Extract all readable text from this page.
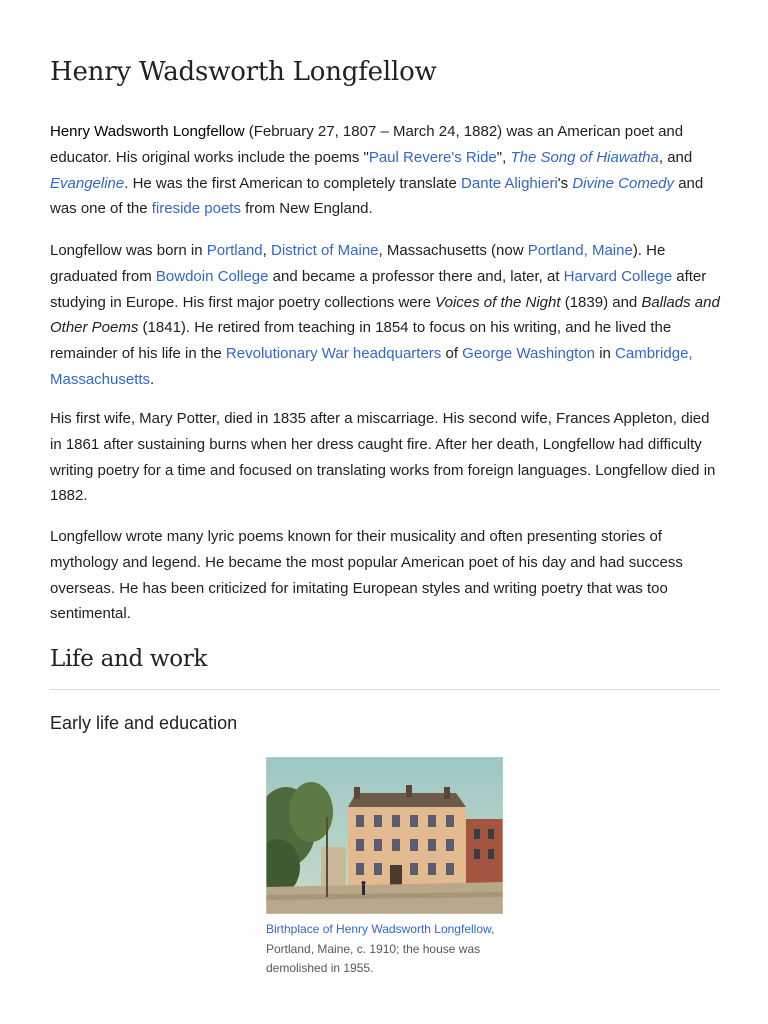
Henry Wadsworth Longfellow

Henry Wadsworth Longfellow (February 27, 1807 – March 24, 1882) was an American poet and educator. His original works include the poems "Paul Revere's Ride", The Song of Hiawatha, and Evangeline. He was the first American to completely translate Dante Alighieri's Divine Comedy and was one of the fireside poets from New England.

Longfellow was born in Portland, District of Maine, Massachusetts (now Portland, Maine). He graduated from Bowdoin College and became a professor there and, later, at Harvard College after studying in Europe. His first major poetry collections were Voices of the Night (1839) and Ballads and Other Poems (1841). He retired from teaching in 1854 to focus on his writing, and he lived the remainder of his life in the Revolutionary War headquarters of George Washington in Cambridge, Massachusetts.

His first wife, Mary Potter, died in 1835 after a miscarriage. His second wife, Frances Appleton, died in 1861 after sustaining burns when her dress caught fire. After her death, Longfellow had difficulty writing poetry for a time and focused on translating works from foreign languages. Longfellow died in 1882.

Longfellow wrote many lyric poems known for their musicality and often presenting stories of mythology and legend. He became the most popular American poet of his day and had success overseas. He has been criticized for imitating European styles and writing poetry that was too sentimental.

Life and work
Early life and education
Birthplace of Henry Wadsworth Longfellow, Portland, Maine, c. 1910; the house was demolished in 1955.
